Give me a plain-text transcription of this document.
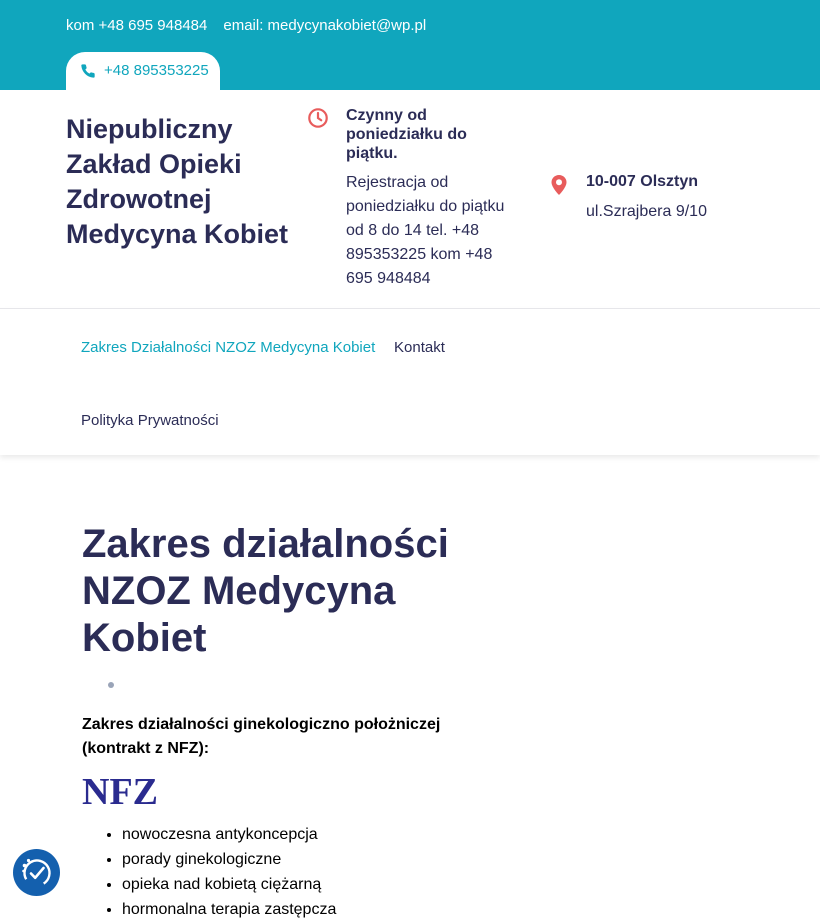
kom +48 695 948484 email: medycynakobiet@wp.pl
+48 895353225
Niepubliczny Zakład Opieki Zdrowotnej Medycyna Kobiet
Czynny od poniedziałku do piątku.
Rejestracja od poniedziałku do piątku od 8 do 14 tel. +48 895353225 kom +48 695 948484
10-007 Olsztyn
ul.Szrajbera 9/10
Zakres Działalności NZOZ Medycyna Kobiet Kontakt
Polityka Prywatności
Zakres działalności NZOZ Medycyna Kobiet
Zakres działalności ginekologiczno położniczej (kontrakt z NFZ):
NFZ
• nowoczesna antykoncepcja
• porady ginekologiczne
• opieka nad kobietą ciężarną
• hormonalna terapia zastępcza
